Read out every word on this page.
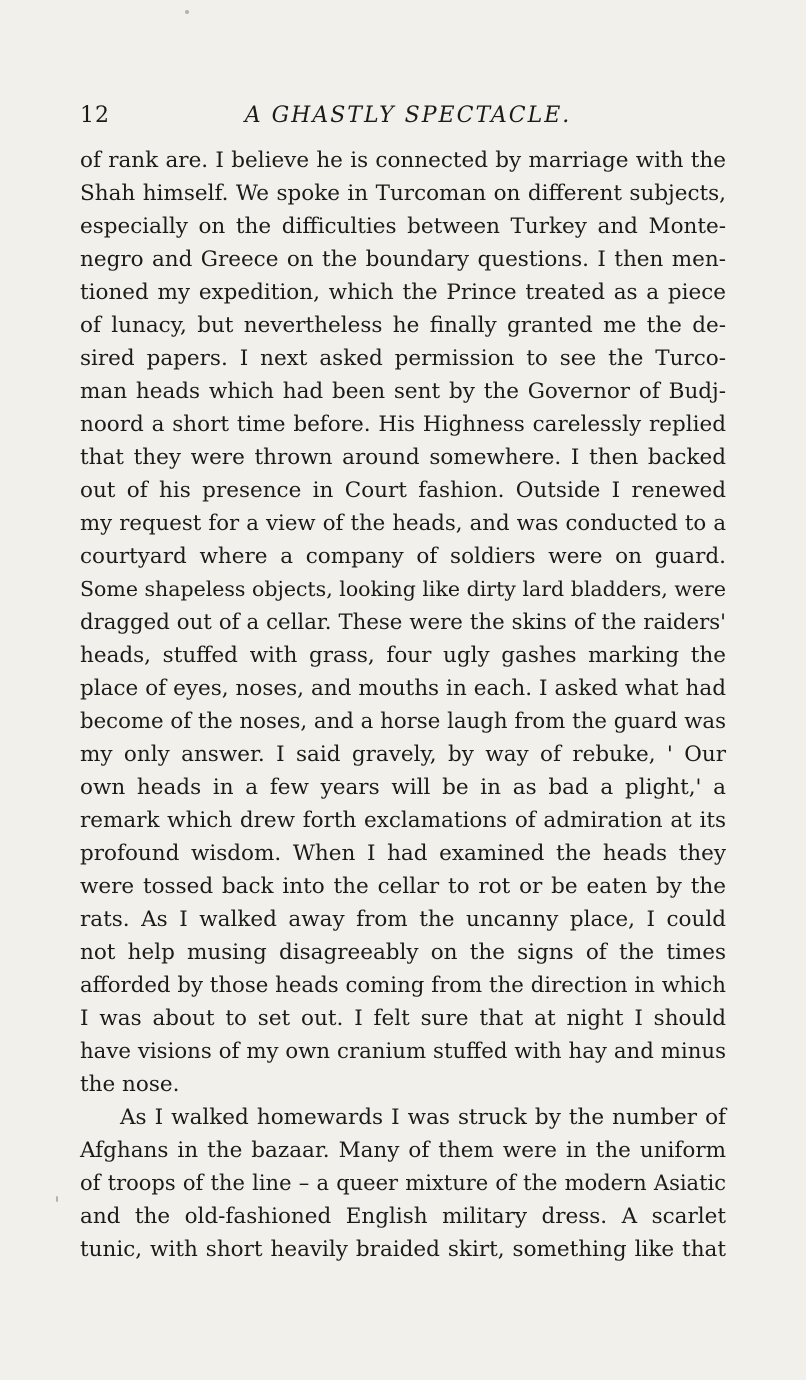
12	A GHASTLY SPECTACLE.
of rank are. I believe he is connected by marriage with the
Shah himself. We spoke in Turcoman on different subjects,
especially on the difficulties between Turkey and Monte-
negro and Greece on the boundary questions. I then men-
tioned my expedition, which the Prince treated as a piece
of lunacy, but nevertheless he finally granted me the de-
sired papers. I next asked permission to see the Turco-
man heads which had been sent by the Governor of Budj-
noord a short time before. His Highness carelessly replied
that they were thrown around somewhere. I then backed
out of his presence in Court fashion. Outside I renewed
my request for a view of the heads, and was conducted to a
courtyard where a company of soldiers were on guard.
Some shapeless objects, looking like dirty lard bladders, were
dragged out of a cellar. These were the skins of the raiders'
heads, stuffed with grass, four ugly gashes marking the
place of eyes, noses, and mouths in each. I asked what had
become of the noses, and a horse laugh from the guard was
my only answer. I said gravely, by way of rebuke, ' Our
own heads in a few years will be in as bad a plight,' a
remark which drew forth exclamations of admiration at its
profound wisdom. When I had examined the heads they
were tossed back into the cellar to rot or be eaten by the
rats. As I walked away from the uncanny place, I could
not help musing disagreeably on the signs of the times
afforded by those heads coming from the direction in which
I was about to set out. I felt sure that at night I should
have visions of my own cranium stuffed with hay and minus
the nose.
As I walked homewards I was struck by the number of
Afghans in the bazaar. Many of them were in the uniform
of troops of the line – a queer mixture of the modern Asiatic
and the old-fashioned English military dress. A scarlet
tunic, with short heavily braided skirt, something like that
